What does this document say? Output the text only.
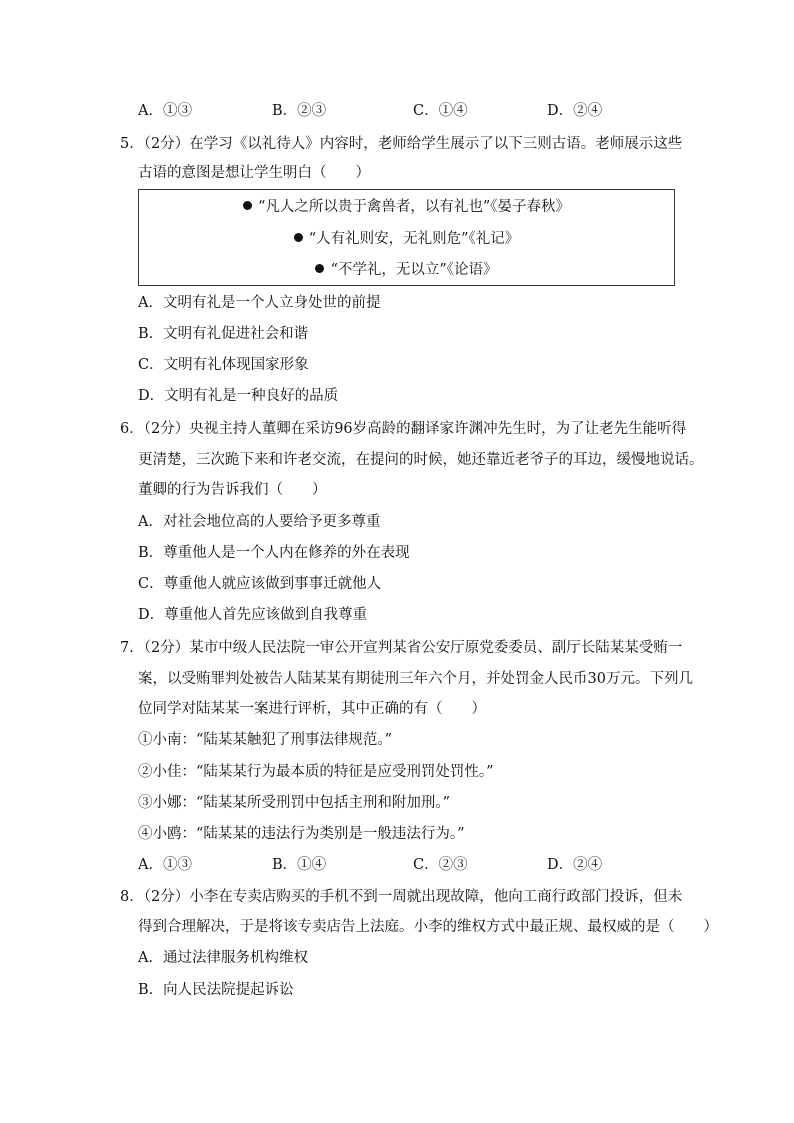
A．①③	B．②③	C．①④	D．②④
5．（2分）在学习《以礼待人》内容时，老师给学生展示了以下三则古语。老师展示这些
古语的意图是想让学生明白（　　）
“凡人之所以贵于禽兽者，以有礼也”《晏子春秋》
“人有礼则安，无礼则危”《礼记》
“不学礼，无以立”《论语》
A．文明有礼是一个人立身处世的前提
B．文明有礼促进社会和谐
C．文明有礼体现国家形象
D．文明有礼是一种良好的品质
6．（2分）央视主持人董卿在采访96岁高龄的翻译家许渊冲先生时，为了让老先生能听得
更清楚，三次跪下来和许老交流，在提问的时候，她还靠近老爷子的耳边，缓慢地说话。
董卿的行为告诉我们（　　）
A．对社会地位高的人要给予更多尊重
B．尊重他人是一个人内在修养的外在表现
C．尊重他人就应该做到事事迁就他人
D．尊重他人首先应该做到自我尊重
7．（2分）某市中级人民法院一审公开宣判某省公安厅原党委委员、副厅长陆某某受贿一
案，以受贿罪判处被告人陆某某有期徒刑三年六个月，并处罚金人民币30万元。下列几
位同学对陆某某一案进行评析，其中正确的有（　　）
①小南：“陆某某触犯了刑事法律规范。”
②小佳：“陆某某行为最本质的特征是应受刑罚处罚性。”
③小娜：“陆某某所受刑罚中包括主刑和附加刑。”
④小鸥：“陆某某的违法行为类别是一般违法行为。”
A．①③	B．①④	C．②③	D．②④
8．（2分）小李在专卖店购买的手机不到一周就出现故障，他向工商行政部门投诉，但未
得到合理解决，于是将该专卖店告上法庭。小李的维权方式中最正规、最权威的是（　　）
A．通过法律服务机构维权
B．向人民法院提起诉讼
